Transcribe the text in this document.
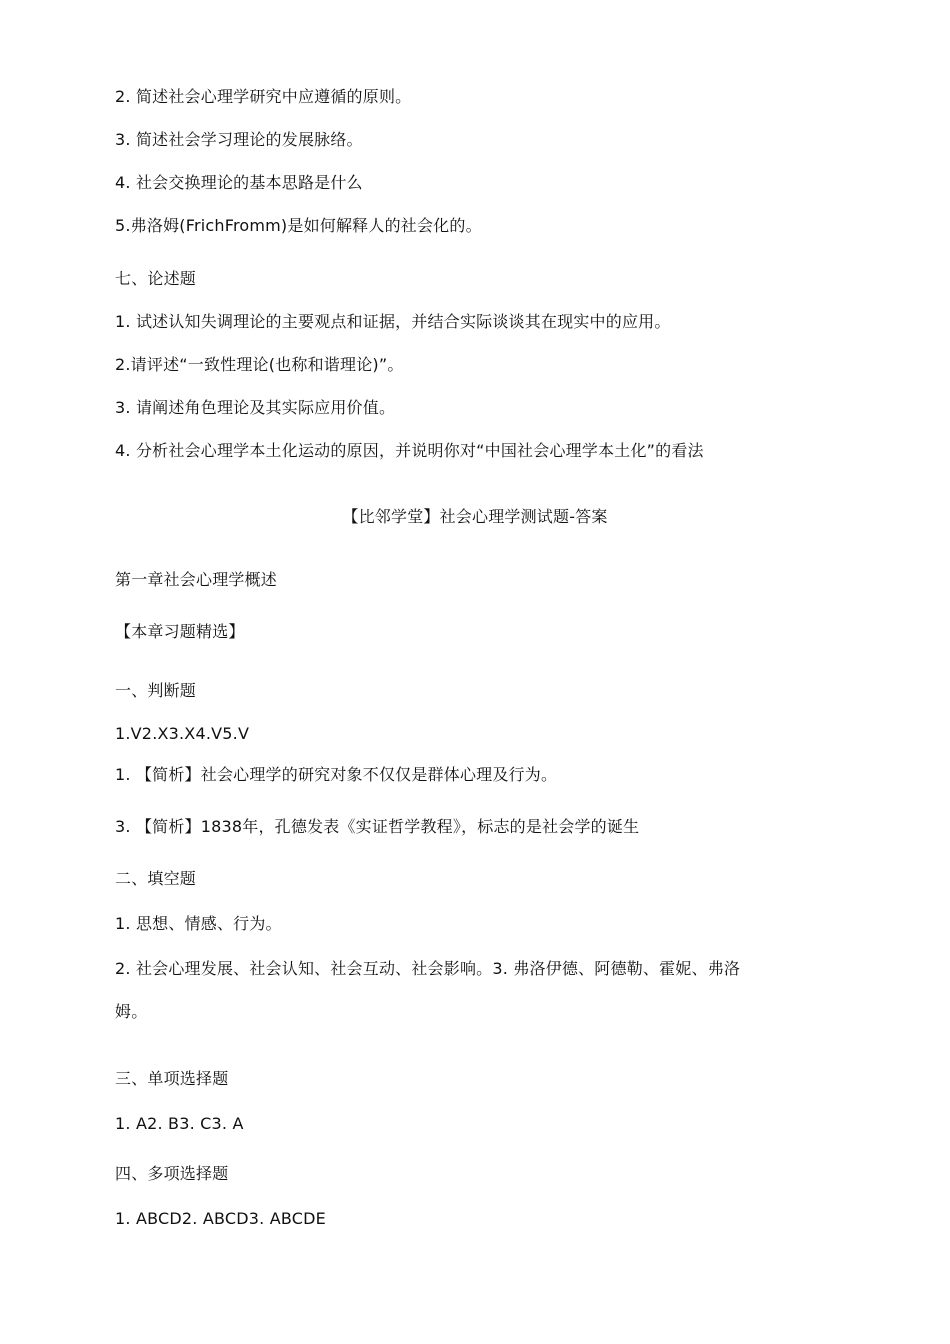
2. 简述社会心理学研究中应遵循的原则。
3. 简述社会学习理论的发展脉络。
4. 社会交换理论的基本思路是什么
5.弗洛姆(FrichFromm)是如何解释人的社会化的。
七、论述题
1. 试述认知失调理论的主要观点和证据，并结合实际谈谈其在现实中的应用。
2.请评述“一致性理论(也称和谐理论)”。
3. 请阐述角色理论及其实际应用价值。
4. 分析社会心理学本土化运动的原因，并说明你对“中国社会心理学本土化”的看法
【比邻学堂】社会心理学测试题-答案
第一章社会心理学概述
【本章习题精选】
一、判断题
1.V2.X3.X4.V5.V
1. 【简析】社会心理学的研究对象不仅仅是群体心理及行为。
3. 【简析】1838年，孔德发表《实证哲学教程》，标志的是社会学的诞生
二、填空题
1. 思想、情感、行为。
2. 社会心理发展、社会认知、社会互动、社会影响。3. 弗洛伊德、阿德勒、霍妮、弗洛
姆。
三、单项选择题
1. A2. B3. C3. A
四、多项选择题
1. ABCD2. ABCD3. ABCDE
